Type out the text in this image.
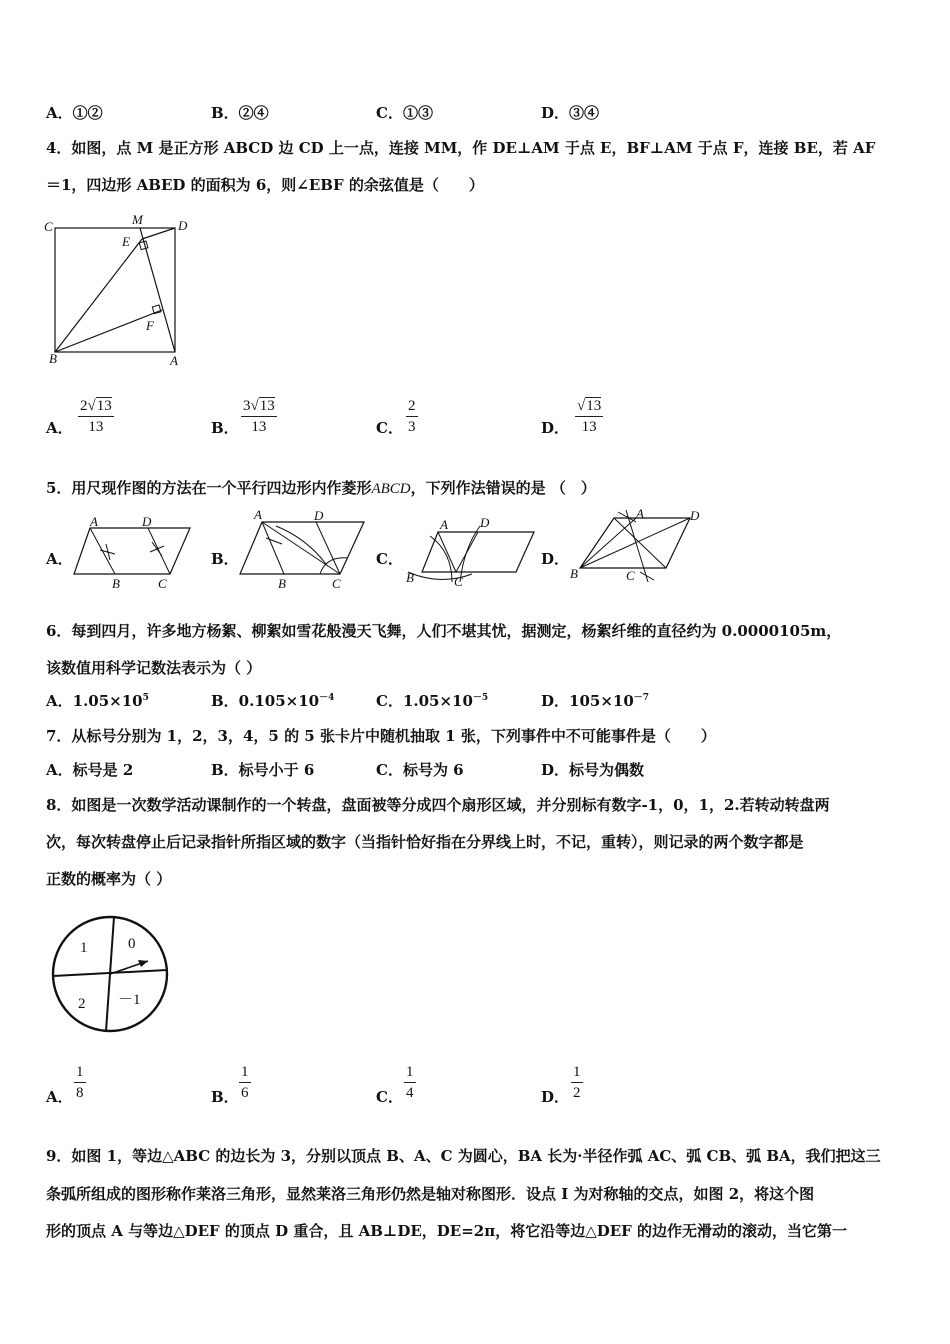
A．①②	B．②④	C．①③	D．③④
4．如图，点 M 是正方形 ABCD 边 CD 上一点，连接 MM，作 DE⊥AM 于点 E，BF⊥AM 于点 F，连接 BE，若 AF
＝1，四边形 ABED 的面积为 6，则∠EBF 的余弦值是（　　）
C	M	D
E
F
B	A
A． $\frac{2√13}{13}$	B． $\frac{3√13}{13}$	C． $\frac{2}{3}$	D． $\frac{√13}{13}$
5．用尺现作图的方法在一个平行四边形内作菱形ABCD，下列作法错误的是 （　）
A．
A	D
B	C
B．
A	D
B	C
C．
A D
B	C
D．
A	D
B	C
6．每到四月，许多地方杨絮、柳絮如雪花般漫天飞舞，人们不堪其忧，据测定，杨絮纤维的直径约为 0.0000105m，
该数值用科学记数法表示为（ ）
A．$1.05\times 10^5$	B．$0.105\times 10^{-4}$	C．$1.05\times 10^{-5}$	D．$105\times 10^{-7}$
7．从标号分别为 1，2，3，4，5 的 5 张卡片中随机抽取 1 张，下列事件中不可能事件是（　　）
A．标号是 2	B．标号小于 6	C．标号为 6	D．标号为偶数
8．如图是一次数学活动课制作的一个转盘，盘面被等分成四个扇形区域，并分别标有数字-1，0，1，2.若转动转盘两
次，每次转盘停止后记录指针所指区域的数字（当指针恰好指在分界线上时，不记，重转），则记录的两个数字都是
正数的概率为（ ）
1	0
2 －1
A． $\frac{1}{8}$	B． $\frac{1}{6}$	C． $\frac{1}{4}$	D． $\frac{1}{2}$
9．如图 1，等边△ABC 的边长为 3，分别以顶点 B、A、C 为圆心，BA 长为·半径作弧 AC、弧 CB、弧 BA，我们把这三
条弧所组成的图形称作莱洛三角形，显然莱洛三角形仍然是轴对称图形．设点 I 为对称轴的交点，如图 2，将这个图
形的顶点 A 与等边△DEF 的顶点 D 重合，且 AB⊥DE，DE=2π，将它沿等边△DEF 的边作无滑动的滚动，当它第一
